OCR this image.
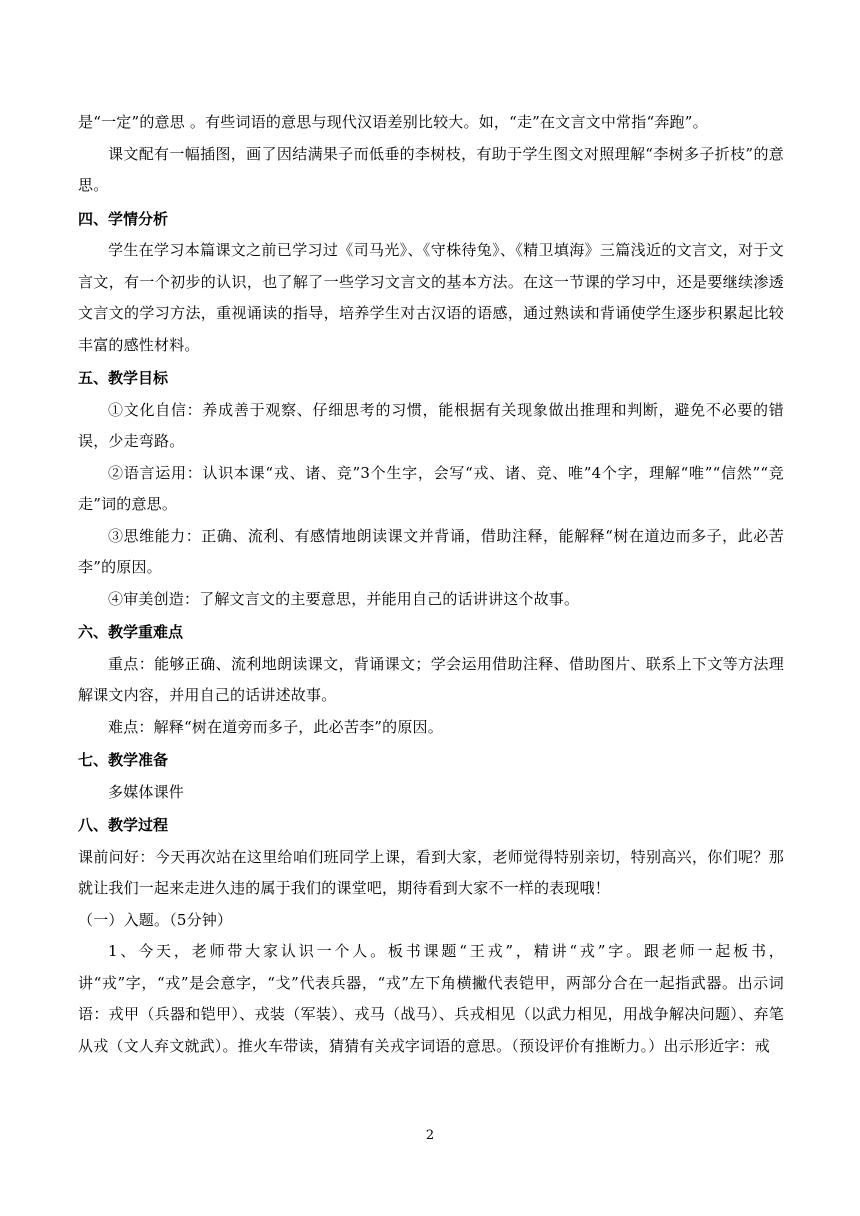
是“一定”的意思 。有些词语的意思与现代汉语差别比较大。如，“走”在文言文中常指“奔跑”。

课文配有一幅插图，画了因结满果子而低垂的李树枝，有助于学生图文对照理解“李树多子折枝”的意思。

四、学情分析

学生在学习本篇课文之前已学习过《司马光》、《守株待兔》、《精卫填海》三篇浅近的文言文，对于文言文，有一个初步的认识，也了解了一些学习文言文的基本方法。在这一节课的学习中，还是要继续渗透文言文的学习方法，重视诵读的指导，培养学生对古汉语的语感，通过熟读和背诵使学生逐步积累起比较丰富的感性材料。

五、教学目标

①文化自信：养成善于观察、仔细思考的习惯，能根据有关现象做出推理和判断，避免不必要的错误，少走弯路。

②语言运用：认识本课“戎、诸、竞”3个生字，会写“戎、诸、竞、唯”4个字，理解“唯”“信然”“竞走”词的意思。

③思维能力：正确、流利、有感情地朗读课文并背诵，借助注释，能解释“树在道边而多子，此必苦李”的原因。

④审美创造：了解文言文的主要意思，并能用自己的话讲讲这个故事。

六、教学重难点

重点：能够正确、流利地朗读课文，背诵课文；学会运用借助注释、借助图片、联系上下文等方法理解课文内容，并用自己的话讲述故事。

难点：解释“树在道旁而多子，此必苦李”的原因。

七、教学准备

多媒体课件

八、教学过程

课前问好：今天再次站在这里给咱们班同学上课，看到大家，老师觉得特别亲切，特别高兴，你们呢？那就让我们一起来走进久违的属于我们的课堂吧，期待看到大家不一样的表现哦！

（一）入题。（5分钟）

1、今天，老师带大家认识一个人。板书课题“王戎”，精讲“戎”字。跟老师一起板书，讲“戎”字，“戎”是会意字，“戈”代表兵器，“戎”左下角横撇代表铠甲，两部分合在一起指武器。出示词语：戎甲（兵器和铠甲）、戎装（军装）、戎马（战马）、兵戎相见（以武力相见，用战争解决问题）、弃笔从戎（文人弃文就武）。推火车带读，猜猜有关戎字词语的意思。（预设评价有推断力。）出示形近字：戒

2
